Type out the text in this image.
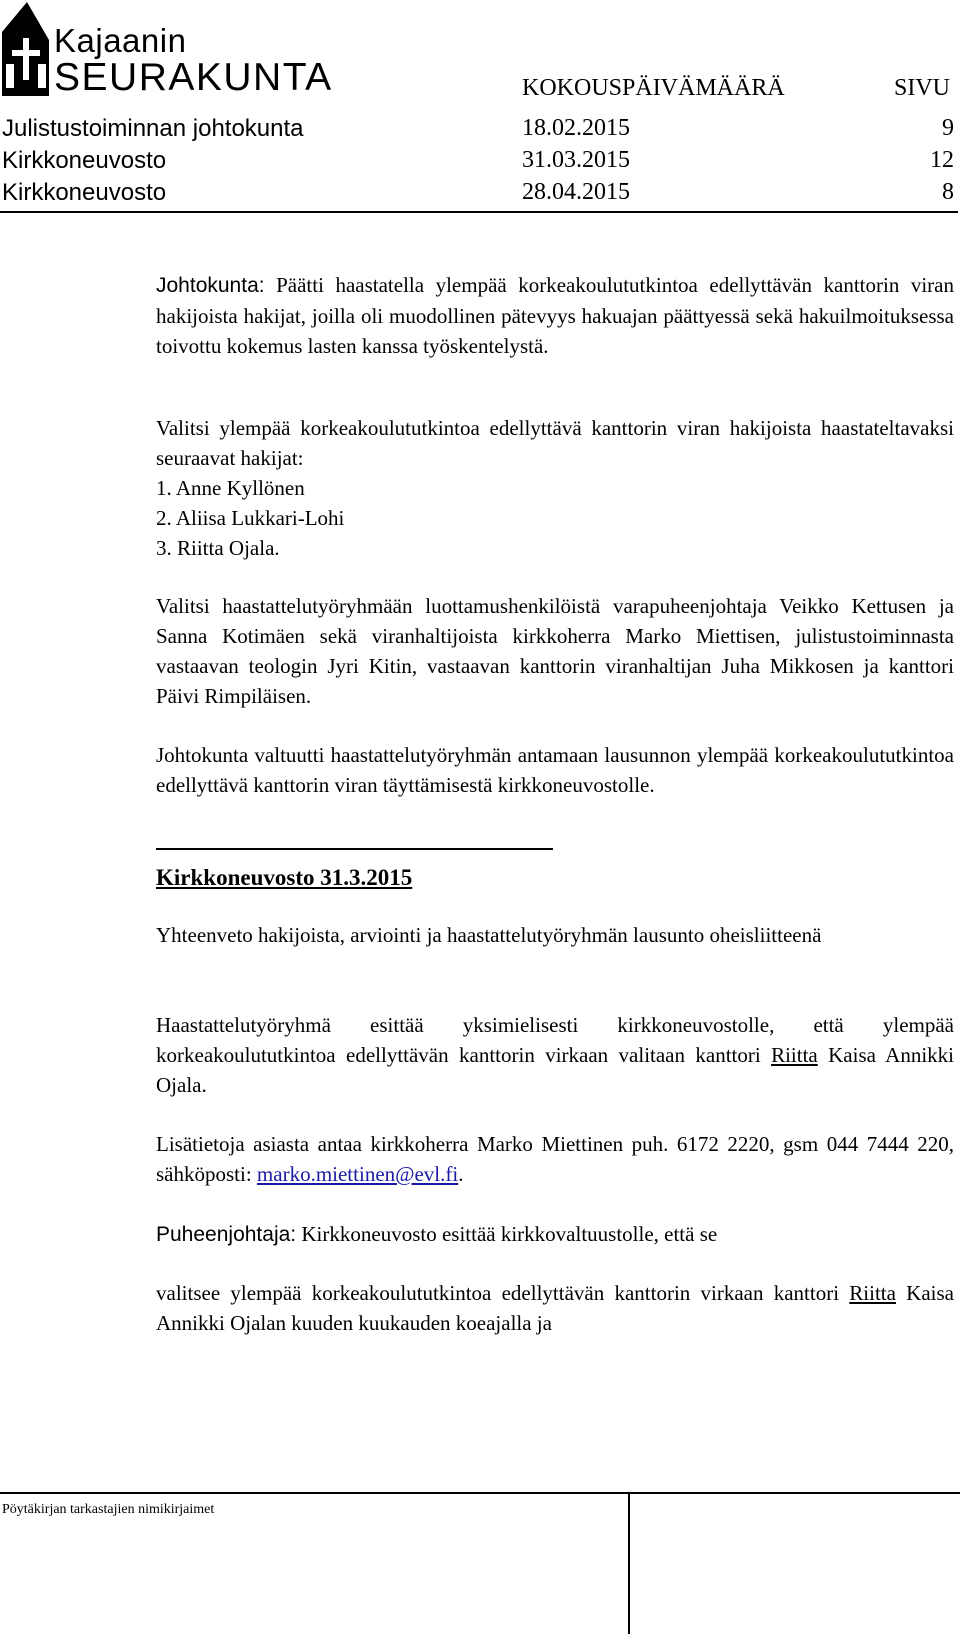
Kajaanin
SEURAKUNTA	KOKOUSPÄIVÄMÄÄRÄ	SIVU
Julistustoiminnan johtokunta	18.02.2015	9
Kirkkoneuvosto	31.03.2015	12
Kirkkoneuvosto	28.04.2015	8

Johtokunta: Päätti haastatella ylempää korkeakoulututkintoa edellyttävän kanttorin viran hakijoista hakijat, joilla oli muodollinen pätevyys hakuajan päättyessä sekä hakuilmoituksessa toivottu kokemus lasten kanssa työskentelystä.

Valitsi ylempää korkeakoulututkintoa edellyttävä kanttorin viran hakijoista haastateltavaksi seuraavat hakijat:

1. Anne Kyllönen
2. Aliisa Lukkari-Lohi
3. Riitta Ojala.

Valitsi haastattelutyöryhmään luottamushenkilöistä varapuheenjohtaja Veikko Kettusen ja Sanna Kotimäen sekä viranhaltijoista kirkkoherra Marko Miettisen, julistustoiminnasta vastaavan teologin Jyri Kitin, vastaavan kanttorin viranhaltijan Juha Mikkosen ja kanttori Päivi Rimpiläisen.

Johtokunta valtuutti haastattelutyöryhmän antamaan lausunnon ylempää korkeakoulututkintoa edellyttävä kanttorin viran täyttämisestä kirkkoneuvostolle.

Kirkkoneuvosto 31.3.2015

Yhteenveto hakijoista, arviointi ja haastattelutyöryhmän lausunto oheisliitteenä

Haastattelutyöryhmä esittää yksimielisesti kirkkoneuvostolle, että ylempää korkeakoulututkintoa edellyttävän kanttorin virkaan valitaan kanttori Riitta Kaisa Annikki Ojala.

Lisätietoja asiasta antaa kirkkoherra Marko Miettinen puh. 6172 2220, gsm 044 7444 220, sähköposti: marko.miettinen@evl.fi.

Puheenjohtaja: Kirkkoneuvosto esittää kirkkovaltuustolle, että se

valitsee ylempää korkeakoulututkintoa edellyttävän kanttorin virkaan kanttori Riitta Kaisa Annikki Ojalan kuuden kuukauden koeajalla ja

Pöytäkirjan tarkastajien nimikirjaimet
